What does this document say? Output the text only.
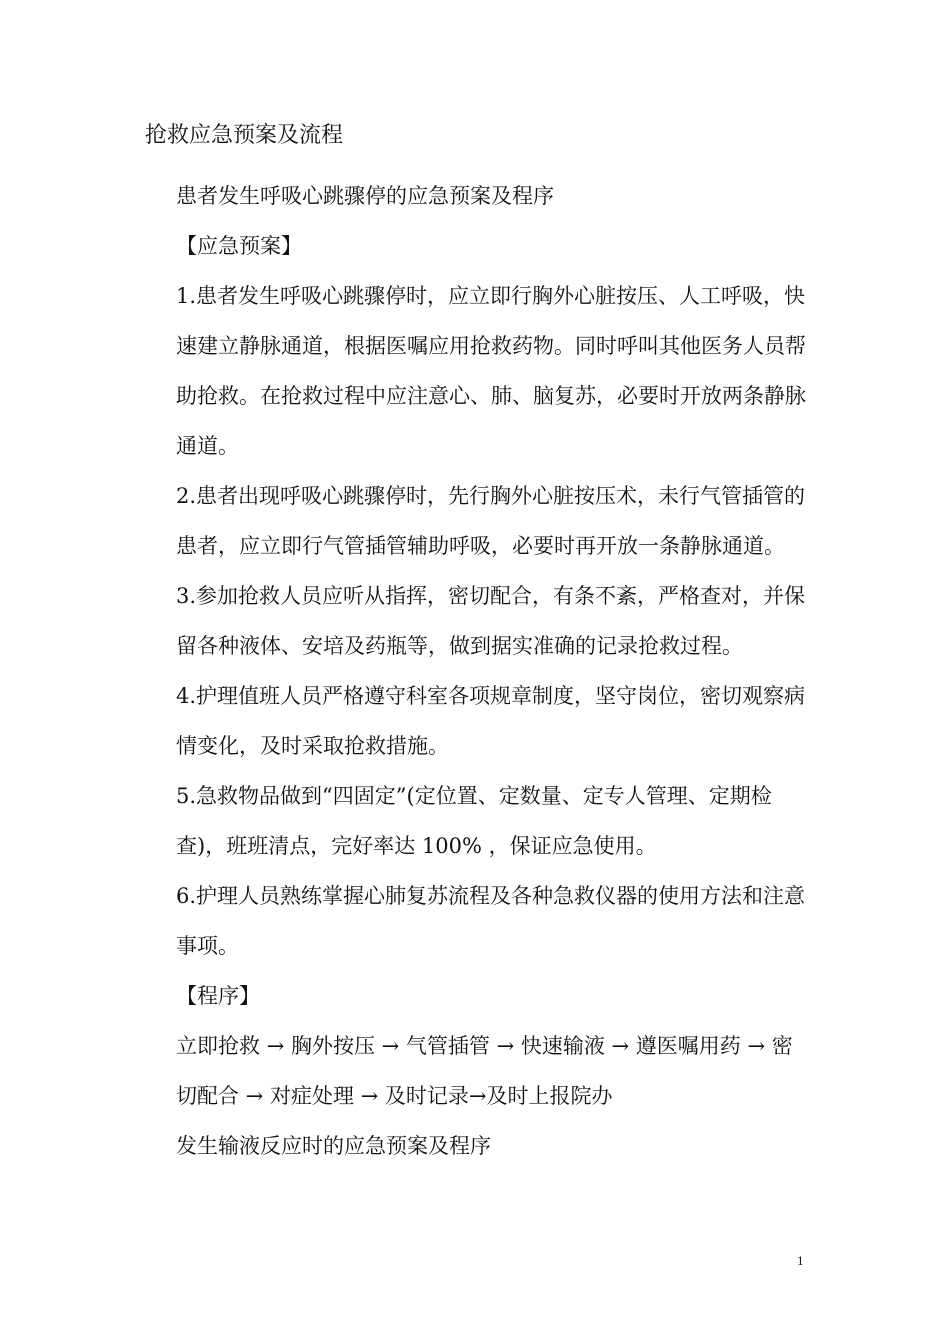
抢救应急预案及流程

患者发生呼吸心跳骤停的应急预案及程序

【应急预案】

1.患者发生呼吸心跳骤停时，应立即行胸外心脏按压、人工呼吸，快速建立静脉通道，根据医嘱应用抢救药物。同时呼叫其他医务人员帮助抢救。在抢救过程中应注意心、肺、脑复苏，必要时开放两条静脉通道。

2.患者出现呼吸心跳骤停时，先行胸外心脏按压术，未行气管插管的患者，应立即行气管插管辅助呼吸，必要时再开放一条静脉通道。

3.参加抢救人员应听从指挥，密切配合，有条不紊，严格查对，并保留各种液体、安培及药瓶等，做到据实准确的记录抢救过程。

4.护理值班人员严格遵守科室各项规章制度，坚守岗位，密切观察病情变化，及时采取抢救措施。

5.急救物品做到“四固定”(定位置、定数量、定专人管理、定期检查)，班班清点，完好率达 100% ，保证应急使用。

6.护理人员熟练掌握心肺复苏流程及各种急救仪器的使用方法和注意事项。

【程序】

立即抢救 → 胸外按压 → 气管插管 → 快速输液 → 遵医嘱用药 → 密切配合 → 对症处理 → 及时记录→及时上报院办

发生输液反应时的应急预案及程序

1
